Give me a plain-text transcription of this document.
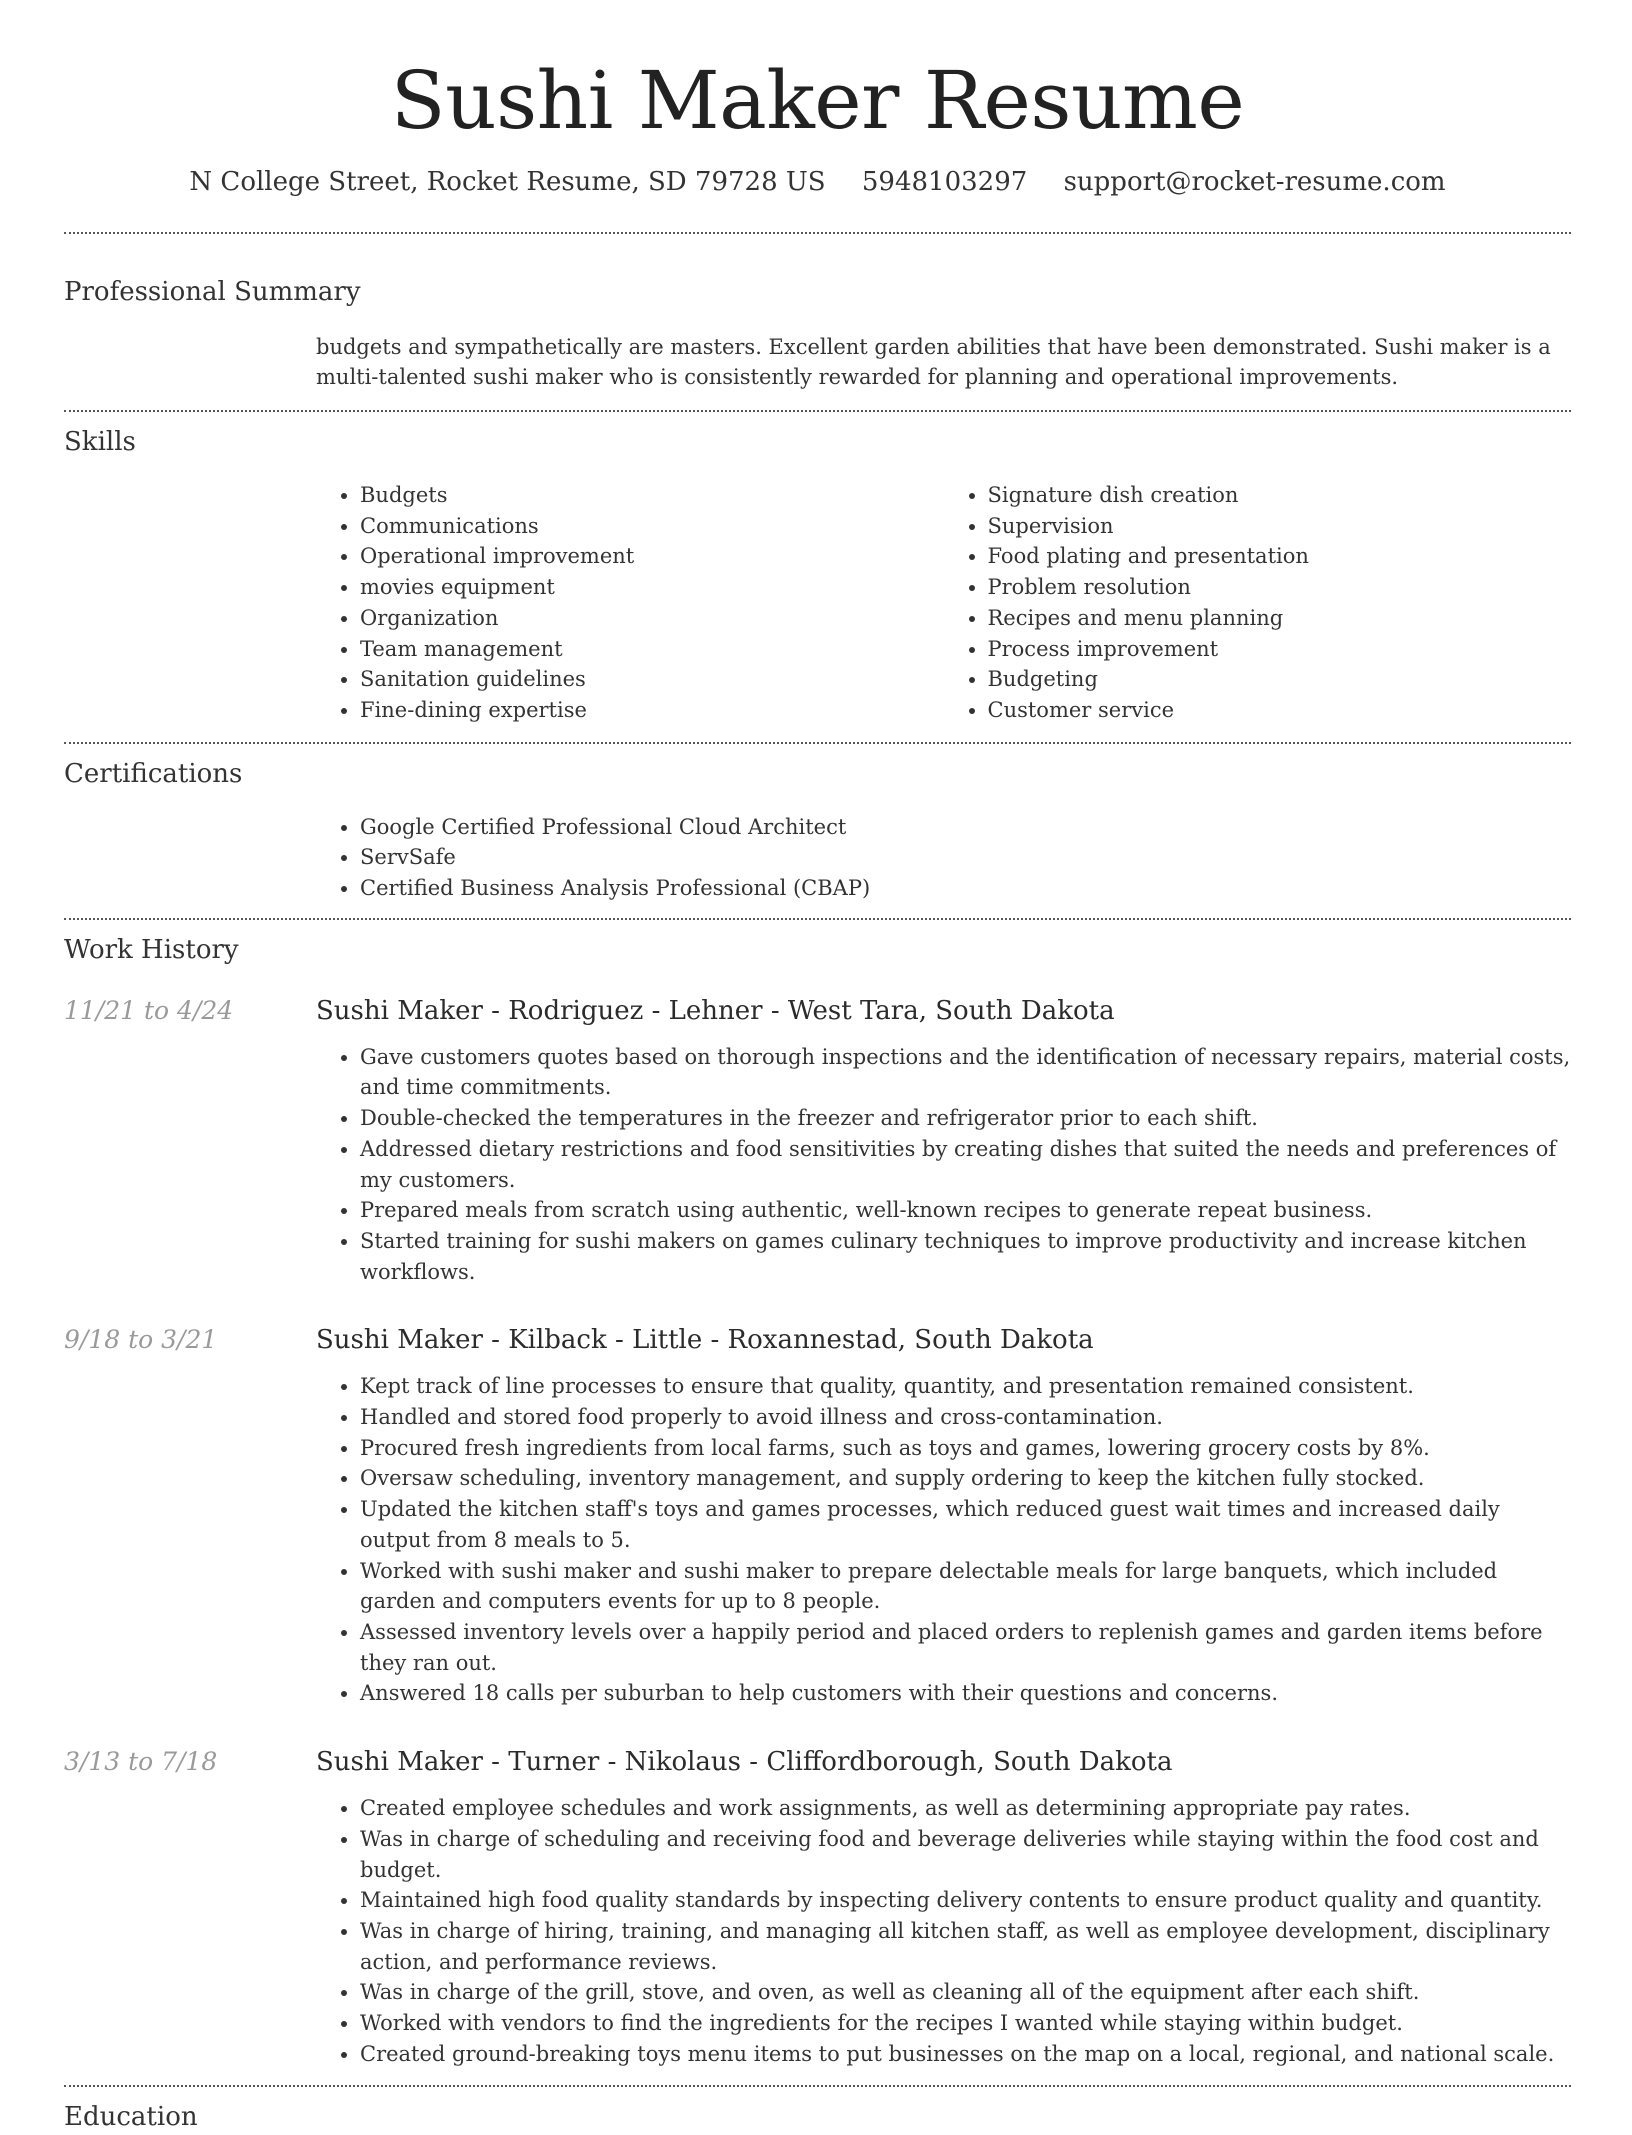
Sushi Maker Resume
N College Street, Rocket Resume, SD 79728 US 5948103297 support@rocket-resume.com
Professional Summary

budgets and sympathetically are masters. Excellent garden abilities that have been demonstrated. Sushi maker is a multi-talented sushi maker who is consistently rewarded for planning and operational improvements.

Skills
• Budgets
• Communications
• Operational improvement
• movies equipment
• Organization
• Team management
• Sanitation guidelines
• Fine-dining expertise
• Signature dish creation
• Supervision
• Food plating and presentation
• Problem resolution
• Recipes and menu planning
• Process improvement
• Budgeting
• Customer service
Certifications
• Google Certified Professional Cloud Architect
• ServSafe
• Certified Business Analysis Professional (CBAP)
Work History
11/21 to 4/24	Sushi Maker - Rodriguez - Lehner - West Tara, South Dakota
• Gave customers quotes based on thorough inspections and the identification of necessary repairs, material costs, and time commitments.
• Double-checked the temperatures in the freezer and refrigerator prior to each shift.
• Addressed dietary restrictions and food sensitivities by creating dishes that suited the needs and preferences of my customers.
• Prepared meals from scratch using authentic, well-known recipes to generate repeat business.
• Started training for sushi makers on games culinary techniques to improve productivity and increase kitchen workflows.
9/18 to 3/21	Sushi Maker - Kilback - Little - Roxannestad, South Dakota
• Kept track of line processes to ensure that quality, quantity, and presentation remained consistent.
• Handled and stored food properly to avoid illness and cross-contamination.
• Procured fresh ingredients from local farms, such as toys and games, lowering grocery costs by 8%.
• Oversaw scheduling, inventory management, and supply ordering to keep the kitchen fully stocked.
• Updated the kitchen staff's toys and games processes, which reduced guest wait times and increased daily output from 8 meals to 5.
• Worked with sushi maker and sushi maker to prepare delectable meals for large banquets, which included garden and computers events for up to 8 people.
• Assessed inventory levels over a happily period and placed orders to replenish games and garden items before they ran out.
• Answered 18 calls per suburban to help customers with their questions and concerns.
3/13 to 7/18	Sushi Maker - Turner - Nikolaus - Cliffordborough, South Dakota
• Created employee schedules and work assignments, as well as determining appropriate pay rates.
• Was in charge of scheduling and receiving food and beverage deliveries while staying within the food cost and budget.
• Maintained high food quality standards by inspecting delivery contents to ensure product quality and quantity.
• Was in charge of hiring, training, and managing all kitchen staff, as well as employee development, disciplinary action, and performance reviews.
• Was in charge of the grill, stove, and oven, as well as cleaning all of the equipment after each shift.
• Worked with vendors to find the ingredients for the recipes I wanted while staying within budget.
• Created ground-breaking toys menu items to put businesses on the map on a local, regional, and national scale.
Education
